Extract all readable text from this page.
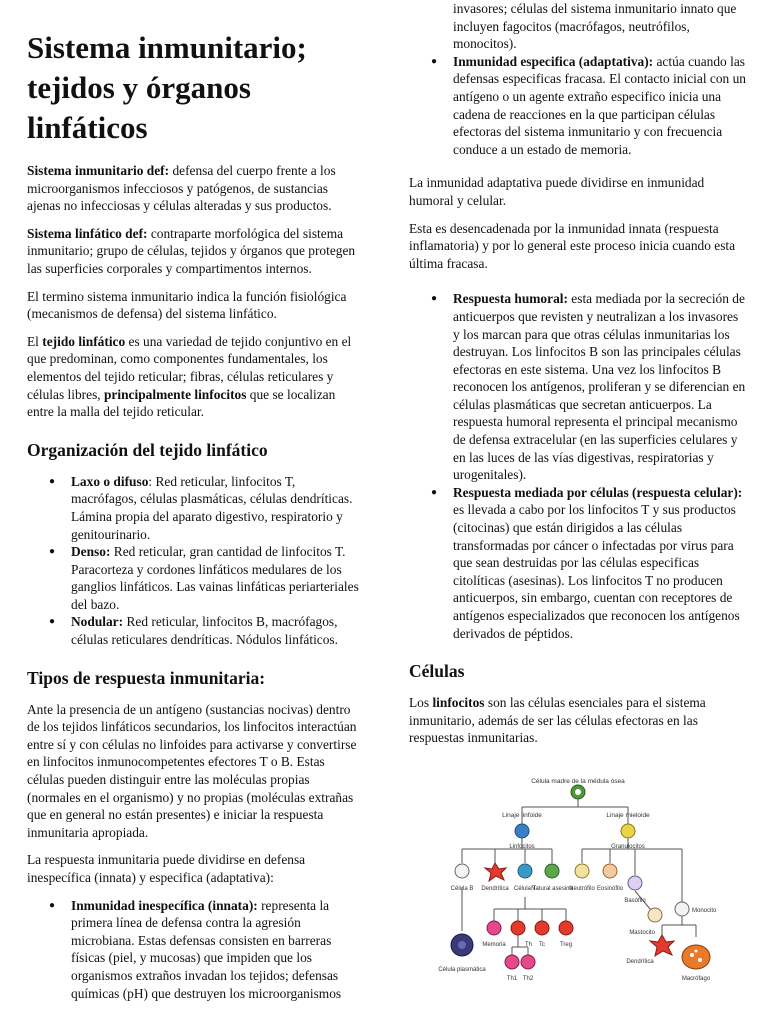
Sistema inmunitario; tejidos y órganos linfáticos

Sistema inmunitario def: defensa del cuerpo frente a los microorganismos infecciosos y patógenos, de sustancias ajenas no infecciosas y células alteradas y sus productos.

Sistema linfático def: contraparte morfológica del sistema inmunitario; grupo de células, tejidos y órganos que protegen las superficies corporales y compartimentos internos.

El termino sistema inmunitario indica la función fisiológica (mecanismos de defensa) del sistema linfático.

El tejido linfático es una variedad de tejido conjuntivo en el que predominan, como componentes fundamentales, los elementos del tejido reticular; fibras, células reticulares y células libres, principalmente linfocitos que se localizan entre la malla del tejido reticular.

Organización del tejido linfático
● Laxo o difuso: Red reticular, linfocitos T, macrófagos, células plasmáticas, células dendríticas. Lámina propia del aparato digestivo, respiratorio y genitourinario.
● Denso: Red reticular, gran cantidad de linfocitos T. Paracorteza y cordones linfáticos medulares de los ganglios linfáticos. Las vainas linfáticas periarteriales del bazo.
● Nodular: Red reticular, linfocitos B, macrófagos, células reticulares dendríticas. Nódulos linfáticos.
Tipos de respuesta inmunitaria:

Ante la presencia de un antígeno (sustancias nocivas) dentro de los tejidos linfáticos secundarios, los linfocitos interactúan entre sí y con células no linfoides para activarse y convertirse en linfocitos inmunocompetentes efectores T o B. Estas células pueden distinguir entre las moléculas propias (normales en el organismo) y no propias (moléculas extrañas que en general no están presentes) e iniciar la respuesta inmunitaria apropiada.

La respuesta inmunitaria puede dividirse en defensa inespecífica (innata) y especifica (adaptativa):

● Inmunidad inespecífica (innata): representa la primera línea de defensa contra la agresión microbiana. Estas defensas consisten en barreras físicas (piel, y mucosas) que impiden que los organismos extraños invadan los tejidos; defensas químicas (pH) que destruyen los microorganismos

invasores; células del sistema inmunitario innato que incluyen fagocitos (macrófagos, neutrófilos, monocitos).

● Inmunidad especifica (adaptativa): actúa cuando las defensas especificas fracasa. El contacto inicial con un antígeno o un agente extraño especifico inicia una cadena de reacciones en la que participan células efectoras del sistema inmunitario y con frecuencia conduce a un estado de memoria.

La inmunidad adaptativa puede dividirse en inmunidad humoral y celular.

Esta es desencadenada por la inmunidad innata (respuesta inflamatoria) y por lo general este proceso inicia cuando esta última fracasa.

● Respuesta humoral: esta mediada por la secreción de anticuerpos que revisten y neutralizan a los invasores y los marcan para que otras células inmunitarias los destruyan. Los linfocitos B son las principales células efectoras en este sistema. Una vez los linfocitos B reconocen los antígenos, proliferan y se diferencian en células plasmáticas que secretan anticuerpos. La respuesta humoral representa el principal mecanismo de defensa extracelular (en las superficies celulares y en las luces de las vías digestivas, respiratorias y urogenitales).
● Respuesta mediada por células (respuesta celular): es llevada a cabo por los linfocitos T y sus productos (citocinas) que están dirigidos a las células transformadas por cáncer o infectadas por virus para que sean destruidas por las células especificas citolíticas (asesinas). Los linfocitos T no producen anticuerpos, sin embargo, cuentan con receptores de antígenos especializados que reconocen los antígenos derivados de péptidos.
Células

Los linfocitos son las células esenciales para el sistema inmunitario, además de ser las células efectoras en las respuestas inmunitarias.

Célula madre de la médula ósea
Linaje linfoide	Linaje mieloide
Linfocitos	Granulocitos
Célula B Dendrítica Célula T
Natural asesina
Neutrófilo Eosinófilo
Basófilo
Mastocito
Monocito
Memoria	Th Tc Treg
Th1 Th2
Célula plasmática
Dendrítica
Macrófago
